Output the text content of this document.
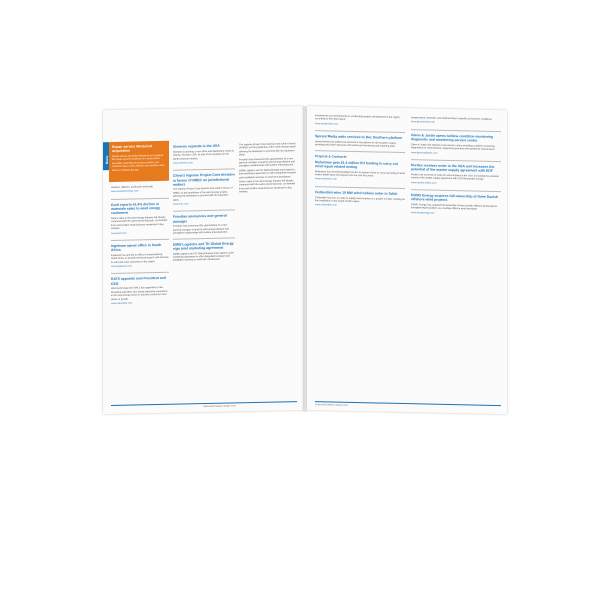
News

Repair service Westwind acquisition

Repair service specialist Westwind has acquired the repair services business of a wind turbine specialist, extending its service portfolio and customer base across offshore and onshore wind farms in northern Europe.

vehicles, offshore, production and parts.

www.westwind-repair.com

Gurit reports 41.4% decline in materials sales to wind energy customers

Gurit's sales to the wind energy industry fell sharply compared with the same period last year, as demand from wind turbine manufacturers weakened in key markets.

www.gurit.com

Ingeteam opens office in South Africa

Ingeteam has opened an office in Johannesburg, South Africa, to provide technical support and services to wind and solar customers in the region.

www.ingeteam.com

RATS appoints new President and CEO

Wind technology firm RATS has appointed a new President and CEO, who brings extensive experience in the wind energy sector to lead the company's next phase of growth.

www.ratsonline.com

Siemens expands in the USA

Siemens is opening a new office and distribution centre in Atlanta, Georgia, USA, as part of its expansion in the North American market.

www.siemens.com

China's Ingenue Project Cost decision in favour of NREC on jurisdictional matters

The Ingenue Project Cost decision has ruled in favour of NREC on the jurisdiction of the wind energy project, allowing the developer to proceed with its expansion plans.

www.nrec.com

Freudian announces new general manager

Freudian has announced the appointment of a new general manager to lead its wind energy division and strengthen relationships with turbine manufacturers.

DMW Logistics and TK Global Energy sign joint marketing agreement

DMW Logistics and TK Global Energy have signed a joint marketing agreement to offer integrated transport and installation services to wind farm developers.

The Ingenue Project Cost decision has ruled in favour of NREC on the jurisdiction of the wind energy project, allowing the developer to proceed with its expansion plans.

Freudian has announced the appointment of a new general manager to lead its wind energy division and strengthen relationships with turbine manufacturers.

DMW Logistics and TK Global Energy have signed a joint marketing agreement to offer integrated transport and installation services to wind farm developers.

Gurit's sales to the wind energy industry fell sharply compared with the same period last year, as demand from wind turbine manufacturers weakened in key markets.

Global Wind Market Outlook 2014

investments and commitments to accelerating project development in the region, according to the latest report.

www.windmarket.com

Spirent Media adds services to Dec Southern platform

Spirent Media has added new services to its platform for the southern region, providing wind farm operators with enhanced monitoring and reporting tools.

Projects & Contracts

Mulanimar gets $1.4 million EU funding to carry out wind repair related testing

Mulanimar has received funding from the European Union to carry out testing of wind turbine blade repair techniques over the next two years.

www.mulanimar.com

Outlandish wins 10 MW wind turbine order in Tahiti

Outlandish has won an order to supply wind turbines to a project in Tahiti, marking its first installation in the South Pacific region.

www.outlandish.com

temperatures, seawater and obtained data to identify and monitor conditions.

www.geomonitors.com

Glenn & Justin opens turbine condition monitoring diagnostic and monitoring service centre

Glenn & Justin has opened a new service centre providing condition monitoring diagnostics for wind turbines, supporting operators with predictive maintenance.

www.glennandjustin.com

Nordex receives order in the USA and increases the potential of the master supply agreement with EDF

Nordex has received an order for wind turbines in the USA, increasing the potential volume of its master supply agreement with EDF Renewable Energy.

www.nordex-online.com

DONG Energy acquires full ownership of three Danish offshore wind projects

DONG Energy has acquired full ownership of three Danish offshore wind projects, strengthening its position as a leading offshore wind developer.

www.dongenergy.com

Global Wind Market Outlook 2014
